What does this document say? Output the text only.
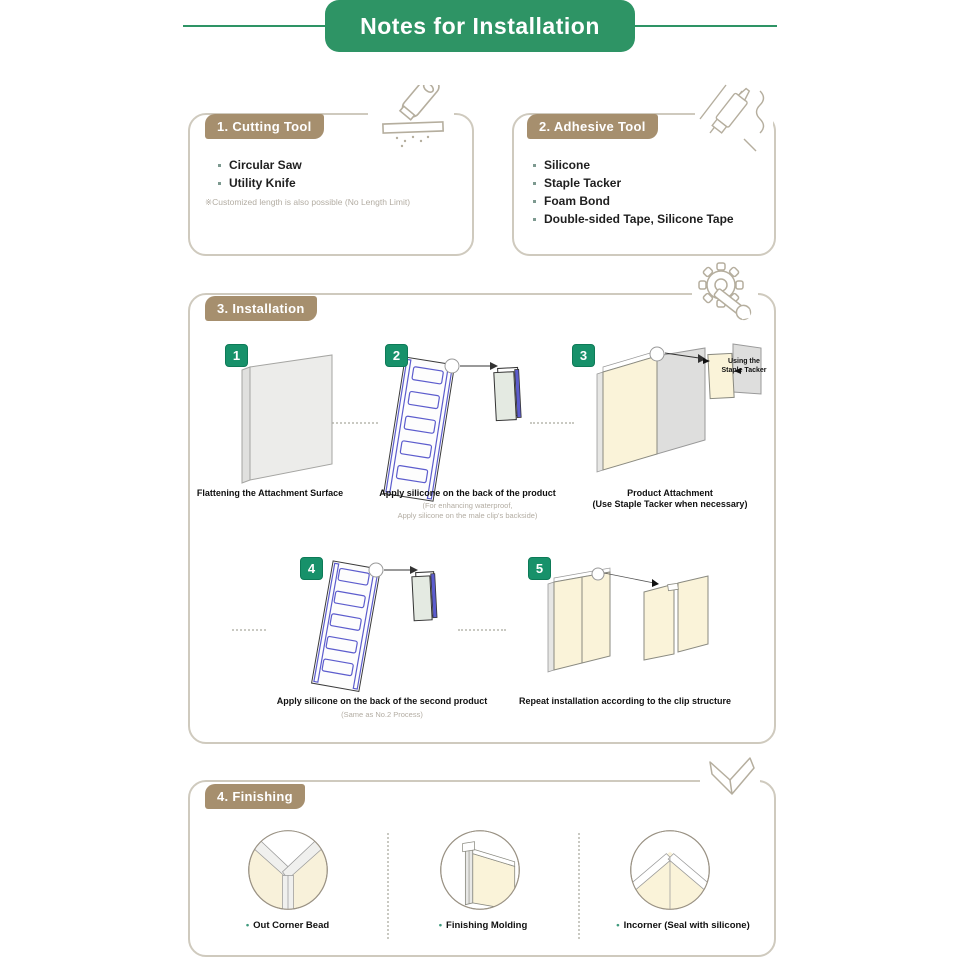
Notes for Installation
1. Cutting Tool
Circular Saw
Utility Knife
※Customized length is also possible (No Length Limit)
2. Adhesive Tool
Silicone
Staple Tacker
Foam Bond
Double-sided Tape, Silicone Tape
3. Installation
1	2	3
4	5
Using the Staple Tacker
Flattening the Attachment Surface	Apply silicone on the back of the product
(For enhancing waterproof,
Apply silicone on the male clip's backside)
Product Attachment
(Use Staple Tacker when necessary)
Apply silicone on the back of the second product
(Same as No.2 Process)
Repeat installation according to the clip structure
4. Finishing
• Out Corner Bead	• Finishing Molding	• Incorner (Seal with silicone)
